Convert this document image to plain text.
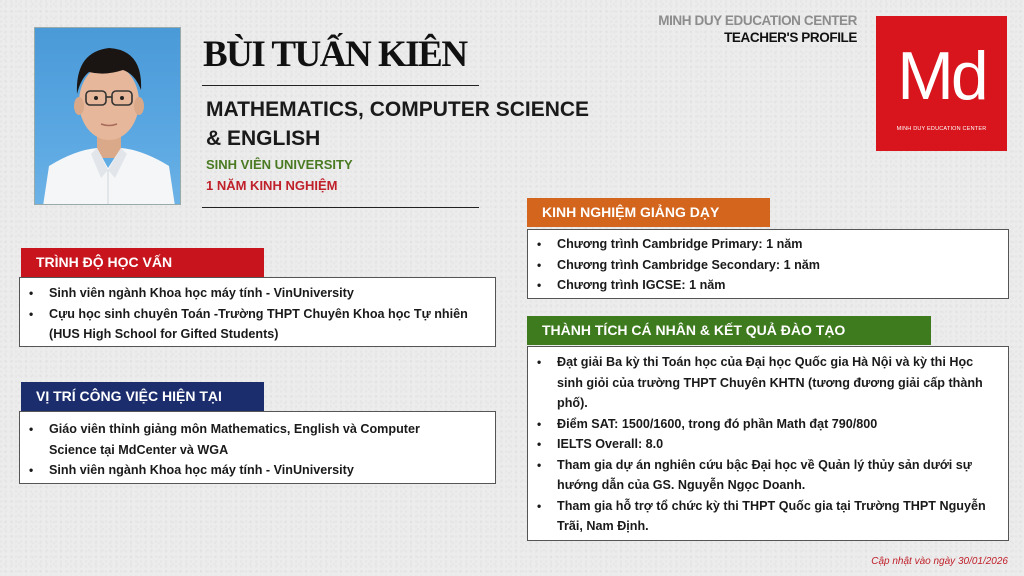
BÙI TUẤN KIÊN
MATHEMATICS, COMPUTER SCIENCE & ENGLISH
SINH VIÊN UNIVERSITY
1 NĂM KINH NGHIỆM
MINH DUY EDUCATION CENTER
TEACHER'S PROFILE
Md
MINH DUY EDUCATION CENTER
TRÌNH ĐỘ HỌC VẤN
• Sinh viên ngành Khoa học máy tính - VinUniversity
• Cựu học sinh chuyên Toán -Trường THPT Chuyên Khoa học Tự nhiên (HUS High School for Gifted Students)
VỊ TRÍ CÔNG VIỆC HIỆN TẠI
• Giáo viên thỉnh giảng môn Mathematics, English và Computer Science tại MdCenter và WGA
• Sinh viên ngành Khoa học máy tính - VinUniversity
KINH NGHIỆM GIẢNG DẠY
• Chương trình Cambridge Primary: 1 năm
• Chương trình Cambridge Secondary: 1 năm
• Chương trình IGCSE: 1 năm
THÀNH TÍCH CÁ NHÂN & KẾT QUẢ ĐÀO TẠO
• Đạt giải Ba kỳ thi Toán học của Đại học Quốc gia Hà Nội và kỳ thi Học sinh giỏi của trường THPT Chuyên KHTN (tương đương giải cấp thành phố).
• Điểm SAT: 1500/1600, trong đó phần Math đạt 790/800
• IELTS Overall: 8.0
• Tham gia dự án nghiên cứu bậc Đại học về Quản lý thủy sản dưới sự hướng dẫn của GS. Nguyễn Ngọc Doanh.
• Tham gia hỗ trợ tổ chức kỳ thi THPT Quốc gia tại Trường THPT Nguyễn Trãi, Nam Định.
Cập nhật vào ngày 30/01/2026
